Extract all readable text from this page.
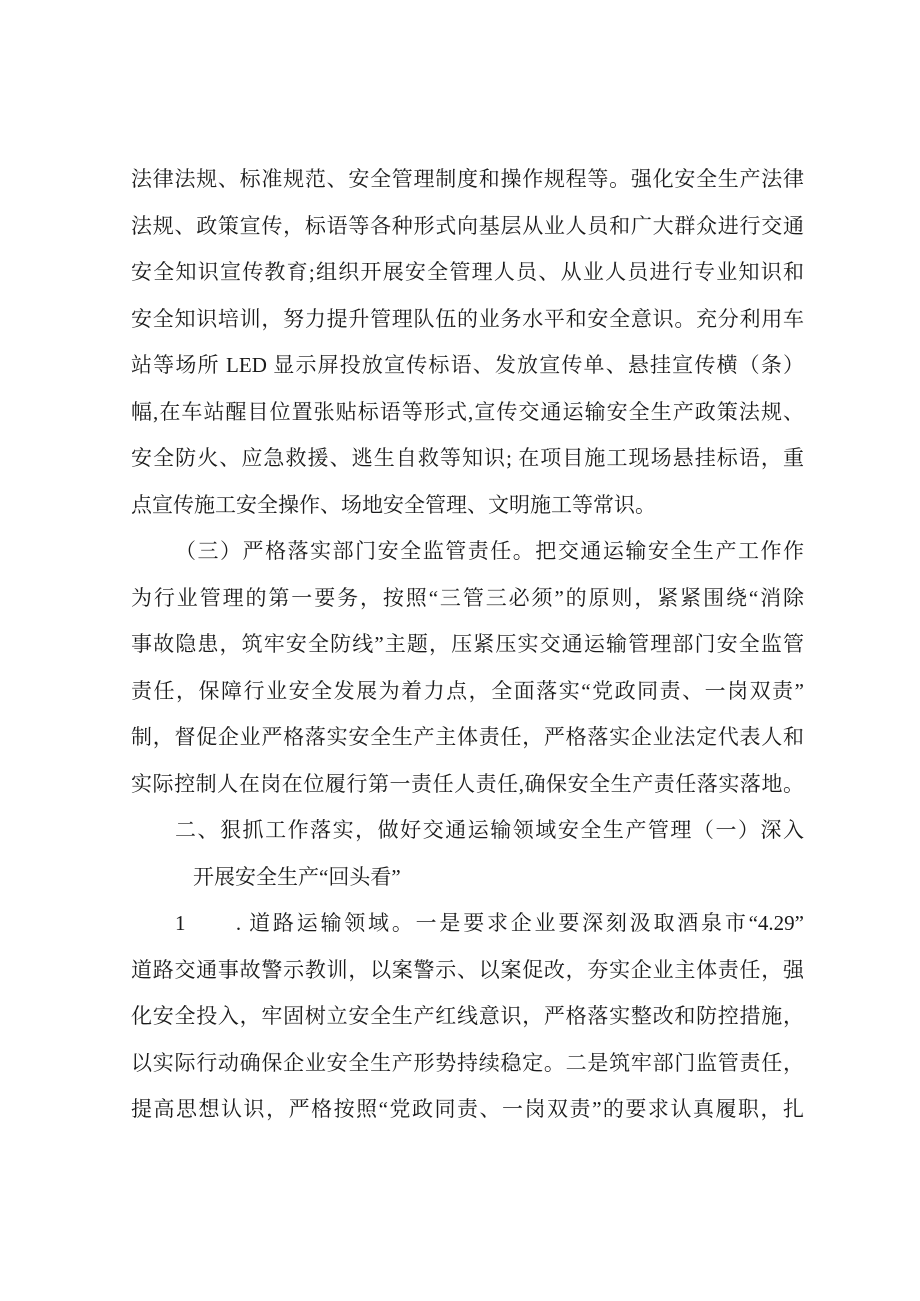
法律法规、标准规范、安全管理制度和操作规程等。强化安全生产法律
法规、政策宣传，标语等各种形式向基层从业人员和广大群众进行交通
安全知识宣传教育;组织开展安全管理人员、从业人员进行专业知识和
安全知识培训，努力提升管理队伍的业务水平和安全意识。充分利用车
站等场所 LED 显示屏投放宣传标语、发放宣传单、悬挂宣传横（条）
幅,在车站醒目位置张贴标语等形式,宣传交通运输安全生产政策法规、
安全防火、应急救援、逃生自救等知识; 在项目施工现场悬挂标语，重
点宣传施工安全操作、场地安全管理、文明施工等常识。
（三）严格落实部门安全监管责任。把交通运输安全生产工作作
为行业管理的第一要务，按照“三管三必须”的原则，紧紧围绕“消除
事故隐患，筑牢安全防线”主题，压紧压实交通运输管理部门安全监管
责任，保障行业安全发展为着力点，全面落实“党政同责、一岗双责”
制，督促企业严格落实安全生产主体责任，严格落实企业法定代表人和
实际控制人在岗在位履行第一责任人责任,确保安全生产责任落实落地。
二、狠抓工作落实，做好交通运输领域安全生产管理（一）深入
开展安全生产“回头看”
1　　. 道路运输领域。一是要求企业要深刻汲取酒泉市“4.29”
道路交通事故警示教训，以案警示、以案促改，夯实企业主体责任，强
化安全投入，牢固树立安全生产红线意识，严格落实整改和防控措施，
以实际行动确保企业安全生产形势持续稳定。二是筑牢部门监管责任，
提高思想认识，严格按照“党政同责、一岗双责”的要求认真履职，扎
